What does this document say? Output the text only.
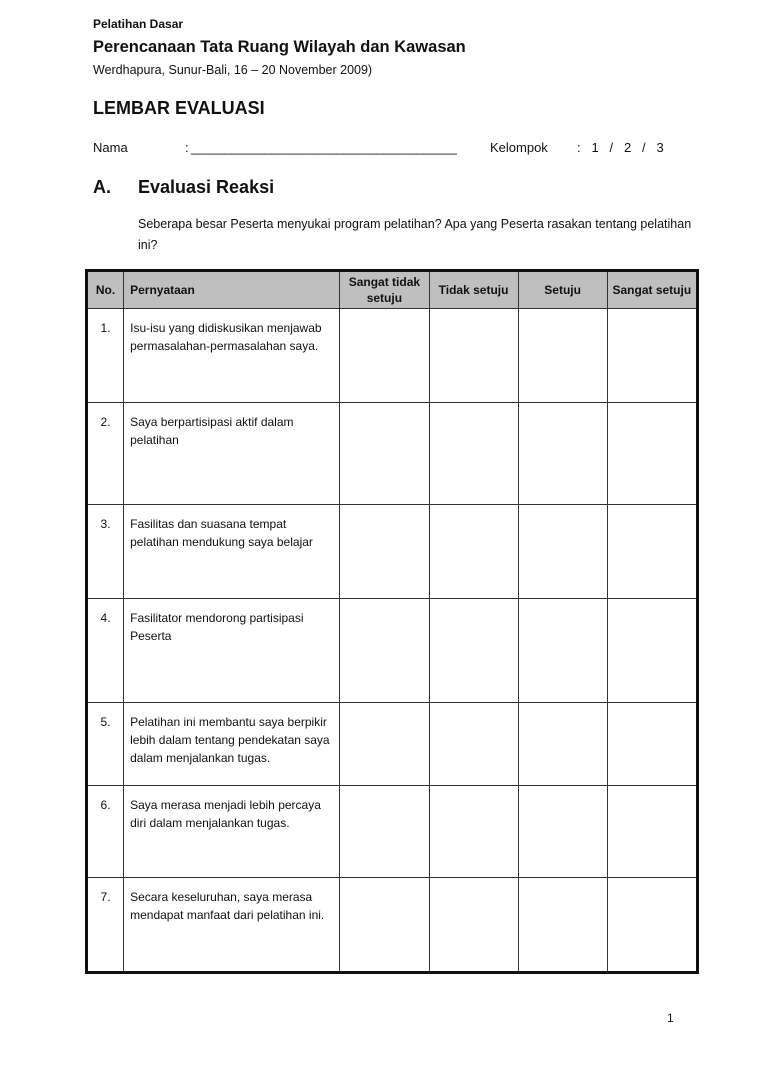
Pelatihan Dasar
Perencanaan Tata Ruang Wilayah dan Kawasan
Werdhapura, Sunur-Bali, 16 – 20 November 2009)
LEMBAR EVALUASI
Nama	: ________________________________________	Kelompok :   1   /   2   /   3
A. Evaluasi Reaksi
Seberapa besar Peserta menyukai program pelatihan? Apa yang Peserta rasakan tentang pelatihan ini?
No.	Pernyataan	Sangat tidak setuju	Tidak setuju	Setuju	Sangat setuju
1.	Isu-isu yang didiskusikan menjawab permasalahan-permasalahan saya.				
2.	Saya berpartisipasi aktif dalam pelatihan				
3.	Fasilitas dan suasana tempat pelatihan mendukung saya belajar				
4.	Fasilitator mendorong partisipasi Peserta				
5.	Pelatihan ini membantu saya berpikir lebih dalam tentang pendekatan saya dalam menjalankan tugas.				
6.	Saya merasa menjadi lebih percaya diri dalam menjalankan tugas.				
7.	Secara keseluruhan, saya merasa mendapat manfaat dari pelatihan ini.				
1
